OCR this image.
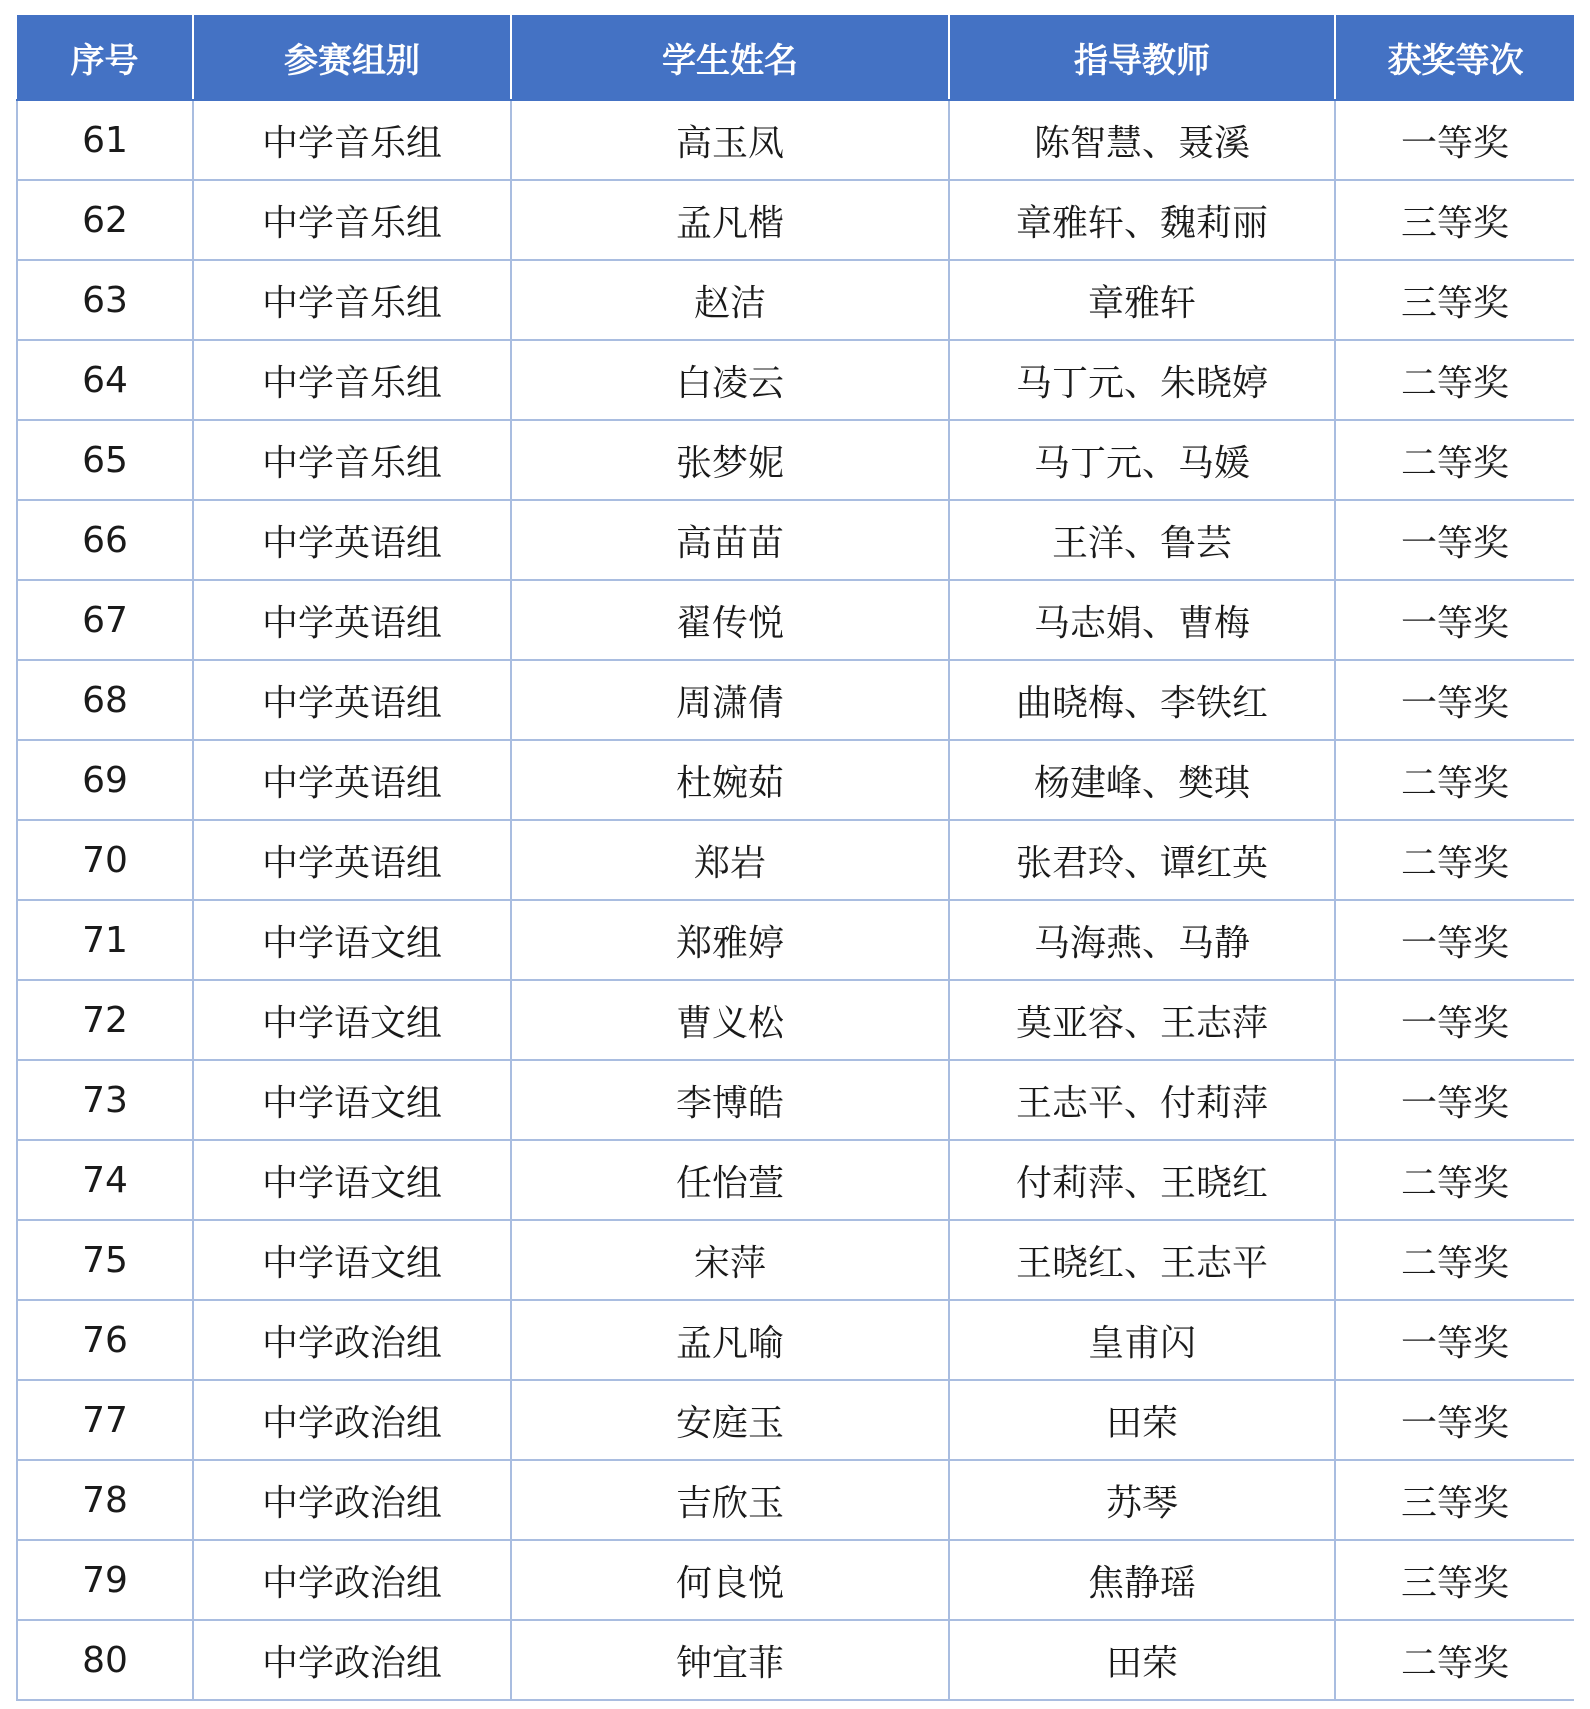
序号	参赛组别	学生姓名	指导教师	获奖等次
61	中学音乐组	高玉凤	陈智慧、聂溪	一等奖
62	中学音乐组	孟凡楷	章雅轩、魏莉丽	三等奖
63	中学音乐组	赵洁	章雅轩	三等奖
64	中学音乐组	白凌云	马丁元、朱晓婷	二等奖
65	中学音乐组	张梦妮	马丁元、马媛	二等奖
66	中学英语组	高苗苗	王洋、鲁芸	一等奖
67	中学英语组	翟传悦	马志娟、曹梅	一等奖
68	中学英语组	周潇倩	曲晓梅、李铁红	一等奖
69	中学英语组	杜婉茹	杨建峰、樊琪	二等奖
70	中学英语组	郑岩	张君玲、谭红英	二等奖
71	中学语文组	郑雅婷	马海燕、马静	一等奖
72	中学语文组	曹义松	莫亚容、王志萍	一等奖
73	中学语文组	李博皓	王志平、付莉萍	一等奖
74	中学语文组	任怡萱	付莉萍、王晓红	二等奖
75	中学语文组	宋萍	王晓红、王志平	二等奖
76	中学政治组	孟凡喻	皇甫闪	一等奖
77	中学政治组	安庭玉	田荣	一等奖
78	中学政治组	吉欣玉	苏琴	三等奖
79	中学政治组	何良悦	焦静瑶	三等奖
80	中学政治组	钟宜菲	田荣	二等奖
